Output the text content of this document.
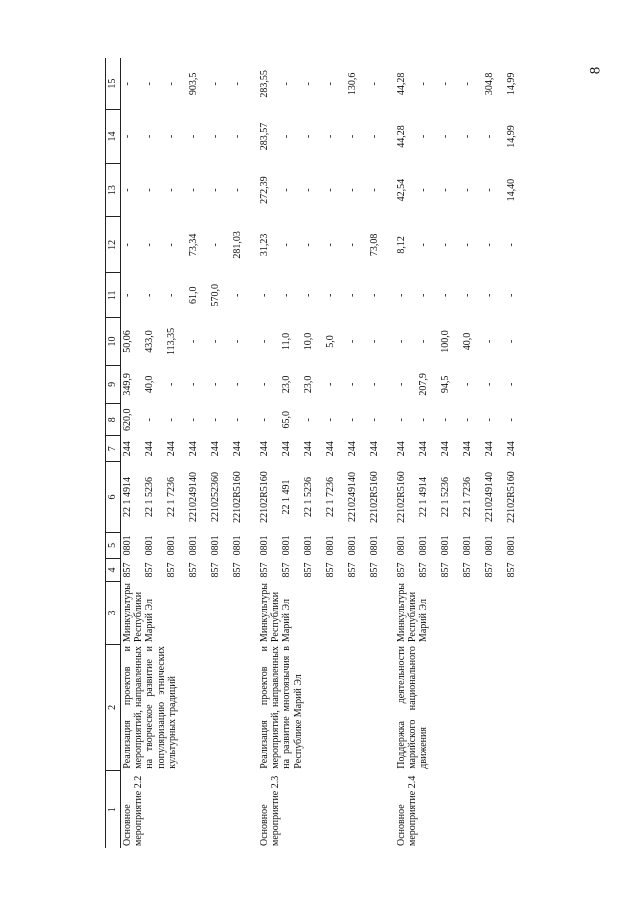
8
1	2	3	4	5	6	7	8	9	10	11	12	13	14	15
Основное мероприятие 2.2	Реализация проектов и мероприятий, направленных на творческое развитие и популяризацию этнических культурных традиций	Минкультуры Республики Марий Эл	857	0801	22 1 4914	244	620,0	349,9	50,06	-	-	-	-	-
			857	0801	22 1 5236	244	-	40,0	433,0	-	-	-	-	-
			857	0801	22 1 7236	244	-	-	113,35	-	-	-	-	-
			857	0801	2210249140	244	-	-	-	61,0	73,34	-	-	903,5
			857	0801	2210252360	244	-	-	-	570,0	-	-	-	-
			857	0801	22102R5160	244	-	-	-	-	281,03	-	-	-
Основное мероприятие 2.3	Реализация проектов и мероприятий, направленных на развитие многоязычия в Республике Марий Эл	Минкультуры Республики Марий Эл	857	0801	22102R5160	244	-	-	-	-	31,23	272,39	283,57	283,55
			857	0801	22 1 491	244	65,0	23,0	11,0	-	-	-	-	-
			857	0801	22 1 5236	244	-	23,0	10,0	-	-	-	-	-
			857	0801	22 1 7236	244	-	-	5,0	-	-	-	-	-
			857	0801	2210249140	244	-	-	-	-	-	-	-	130,6
			857	0801	22102R5160	244	-	-	-	-	73,08	-	-	-
Основное мероприятие 2.4	Поддержка деятельности марийского национального движения	Минкультуры Республики Марий Эл	857	0801	22102R5160	244	-	-	-	-	8,12	42,54	44,28	44,28
			857	0801	22 1 4914	244	-	207,9	-	-	-	-	-	-
			857	0801	22 1 5236	244	-	94,5	100,0	-	-	-	-	-
			857	0801	22 1 7236	244	-	-	40,0	-	-	-	-	-
			857	0801	2210249140	244	-	-	-	-	-	-	-	304,8
			857	0801	22102R5160	244	-	-	-	-	-	14,40	14,99	14,99
